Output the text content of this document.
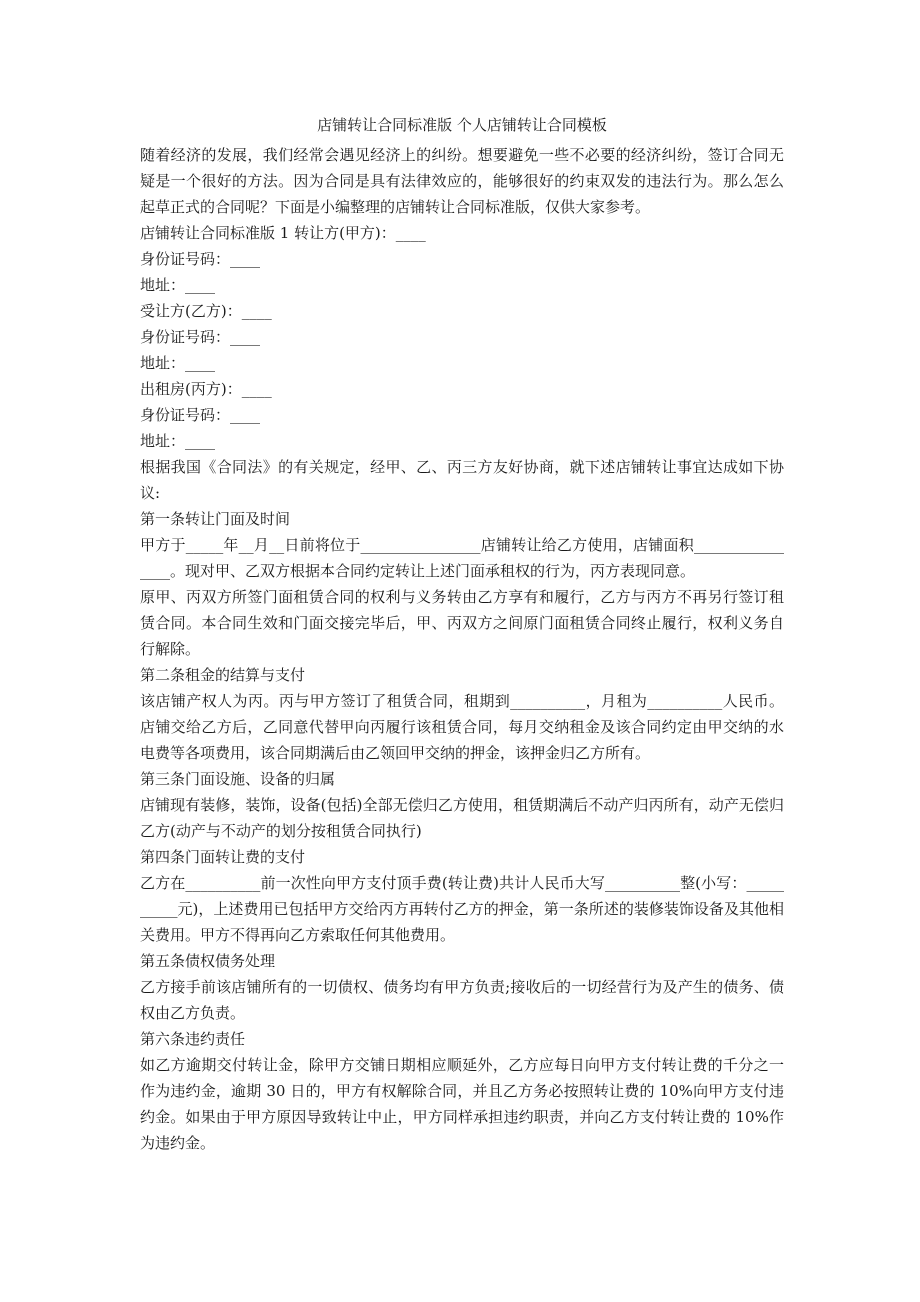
店铺转让合同标准版 个人店铺转让合同模板

随着经济的发展，我们经常会遇见经济上的纠纷。想要避免一些不必要的经济纠纷，签订合同无疑是一个很好的方法。因为合同是具有法律效应的，能够很好的约束双发的违法行为。那么怎么起草正式的合同呢？下面是小编整理的店铺转让合同标准版，仅供大家参考。

店铺转让合同标准版 1 转让方(甲方)：____

身份证号码：____

地址：____

受让方(乙方)：____

身份证号码：____

地址：____

出租房(丙方)：____

身份证号码：____

地址：____

根据我国《合同法》的有关规定，经甲、乙、丙三方友好协商，就下述店铺转让事宜达成如下协议:

第一条转让门面及时间

甲方于_____年__月__日前将位于________________店铺转让给乙方使用，店铺面积________________。现对甲、乙双方根据本合同约定转让上述门面承租权的行为，丙方表现同意。

原甲、丙双方所签门面租赁合同的权利与义务转由乙方享有和履行，乙方与丙方不再另行签订租赁合同。本合同生效和门面交接完毕后，甲、丙双方之间原门面租赁合同终止履行，权利义务自行解除。

第二条租金的结算与支付

该店铺产权人为丙。丙与甲方签订了租赁合同，租期到__________，月租为__________人民币。店铺交给乙方后，乙同意代替甲向丙履行该租赁合同，每月交纳租金及该合同约定由甲交纳的水电费等各项费用，该合同期满后由乙领回甲交纳的押金，该押金归乙方所有。

第三条门面设施、设备的归属

店铺现有装修，装饰，设备(包括)全部无偿归乙方使用，租赁期满后不动产归丙所有，动产无偿归乙方(动产与不动产的划分按租赁合同执行)

第四条门面转让费的支付

乙方在__________前一次性向甲方支付顶手费(转让费)共计人民币大写__________整(小写：__________元)，上述费用已包括甲方交给丙方再转付乙方的押金，第一条所述的装修装饰设备及其他相关费用。甲方不得再向乙方索取任何其他费用。

第五条债权债务处理

乙方接手前该店铺所有的一切债权、债务均有甲方负责;接收后的一切经营行为及产生的债务、债权由乙方负责。

第六条违约责任

如乙方逾期交付转让金，除甲方交铺日期相应顺延外，乙方应每日向甲方支付转让费的千分之一作为违约金，逾期 30 日的，甲方有权解除合同，并且乙方务必按照转让费的 10%向甲方支付违约金。如果由于甲方原因导致转让中止，甲方同样承担违约职责，并向乙方支付转让费的 10%作为违约金。
